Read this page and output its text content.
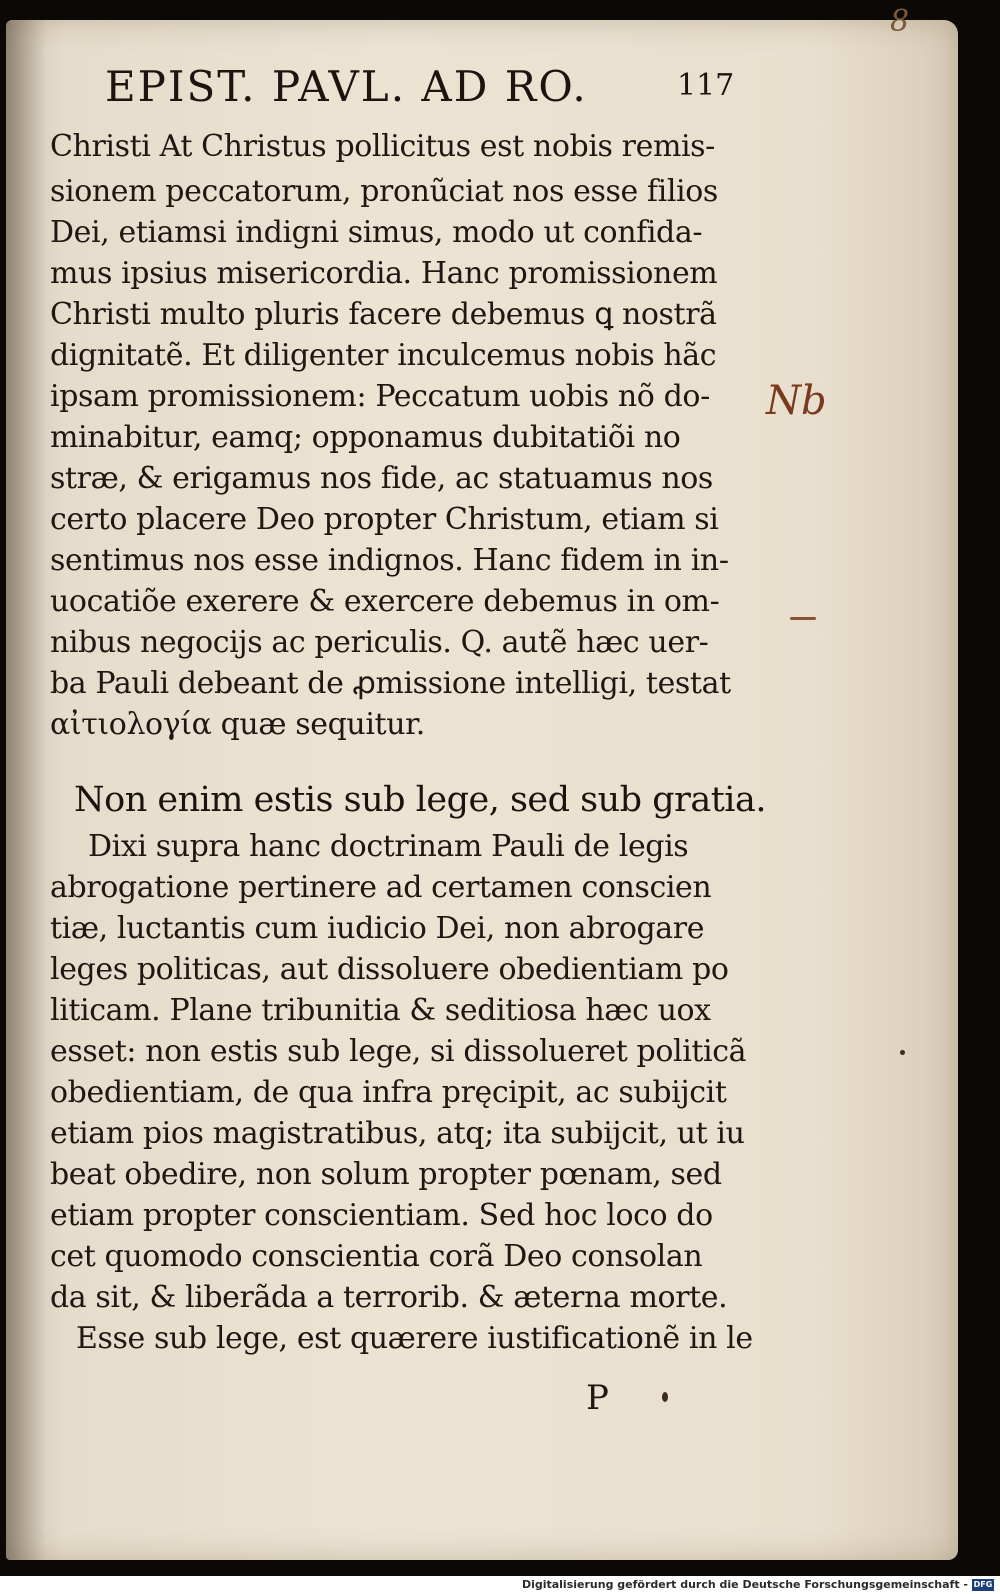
8
EPIST. PAVL. AD RO.	117
Christi At Christus pollicitus est nobis remis-
sionem peccatorum, pronũciat nos esse filios
Dei, etiamsi indigni simus, modo ut confida-
mus ipsius misericordia. Hanc promissionem
Christi multo pluris facere debemus ꝗ nostrã
dignitatẽ. Et diligenter inculcemus nobis hãc
ipsam promissionem: Peccatum uobis nõ do-
minabitur, eamq; opponamus dubitatiõi no
stræ, & erigamus nos fide, ac statuamus nos
certo placere Deo propter Christum, etiam si
sentimus nos esse indignos. Hanc fidem in in-
uocatiõe exerere & exercere debemus in om-
nibus negocijs ac periculis. Q. autẽ hæc uer-
ba Pauli debeant de ꝓmissione intelligi, testat
αἰτιολογία quæ sequitur.
Non enim estis sub lege, sed sub gratia.
Dixi supra hanc doctrinam Pauli de legis
abrogatione pertinere ad certamen conscien
tiæ, luctantis cum iudicio Dei, non abrogare
leges politicas, aut dissoluere obedientiam po
liticam. Plane tribunitia & seditiosa hæc uox
esset: non estis sub lege, si dissolueret politicã
obedientiam, de qua infra pręcipit, ac subijcit
etiam pios magistratibus, atq; ita subijcit, ut iu
beat obedire, non solum propter pœnam, sed
etiam propter conscientiam. Sed hoc loco do
cet quomodo conscientia corã Deo consolan
da sit, & liberãda a terrorib. & æterna morte.
Esse sub lege, est quærere iustificationẽ in le
Nb
P
Digitalisierung gefördert durch die Deutsche Forschungsgemeinschaft - DFG
